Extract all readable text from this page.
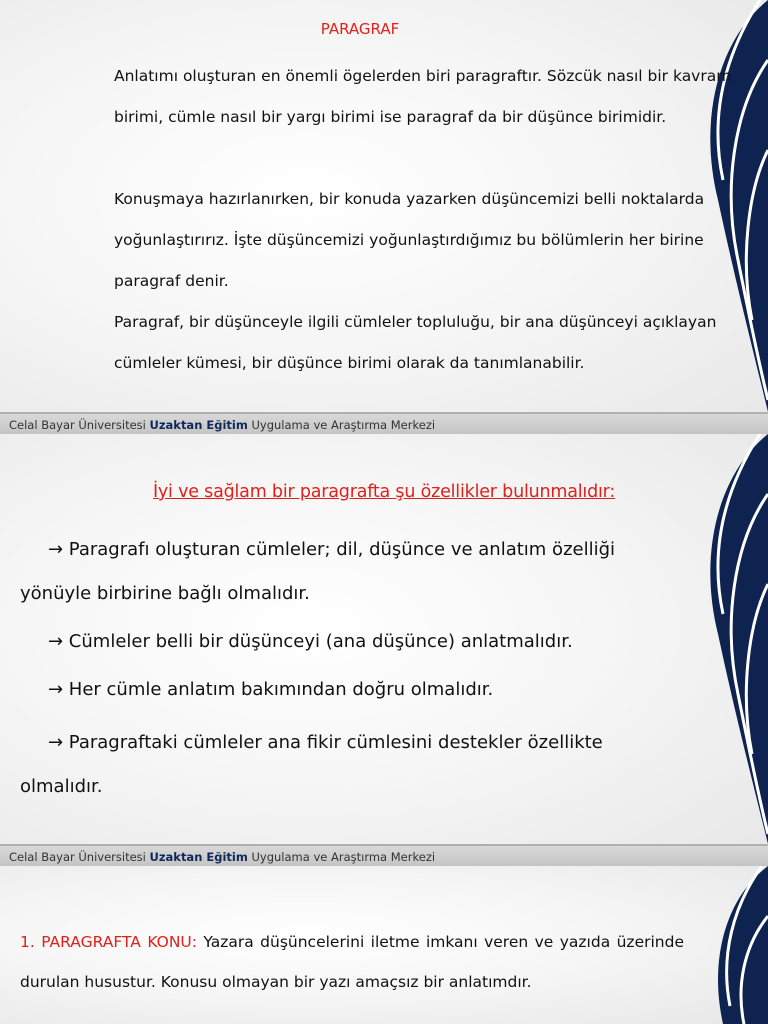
PARAGRAF

Anlatımı oluşturan en önemli ögelerden biri paragraftır. Sözcük nasıl bir kavram birimi, cümle nasıl bir yargı birimi ise paragraf da bir düşünce birimidir.

Konuşmaya hazırlanırken, bir konuda yazarken düşüncemizi belli noktalarda yoğunlaştırırız. İşte düşüncemizi yoğunlaştırdığımız bu bölümlerin her birine paragraf denir.

Paragraf, bir düşünceyle ilgili cümleler topluluğu, bir ana düşünceyi açıklayan cümleler kümesi, bir düşünce birimi olarak da tanımlanabilir.

Celal Bayar Üniversitesi Uzaktan Eğitim Uygulama ve Araştırma Merkezi
İyi ve sağlam bir paragrafta şu özellikler bulunmalıdır:
→ Paragrafı oluşturan cümleler; dil, düşünce ve anlatım özelliği yönüyle birbirine bağlı olmalıdır.
→ Cümleler belli bir düşünceyi (ana düşünce) anlatmalıdır.
→ Her cümle anlatım bakımından doğru olmalıdır.
→ Paragraftaki cümleler ana fikir cümlesini destekler özellikte olmalıdır.
Celal Bayar Üniversitesi Uzaktan Eğitim Uygulama ve Araştırma Merkezi

1. PARAGRAFTA KONU: Yazara düşüncelerini iletme imkanı veren ve yazıda üzerinde durulan husustur. Konusu olmayan bir yazı amaçsız bir anlatımdır.
